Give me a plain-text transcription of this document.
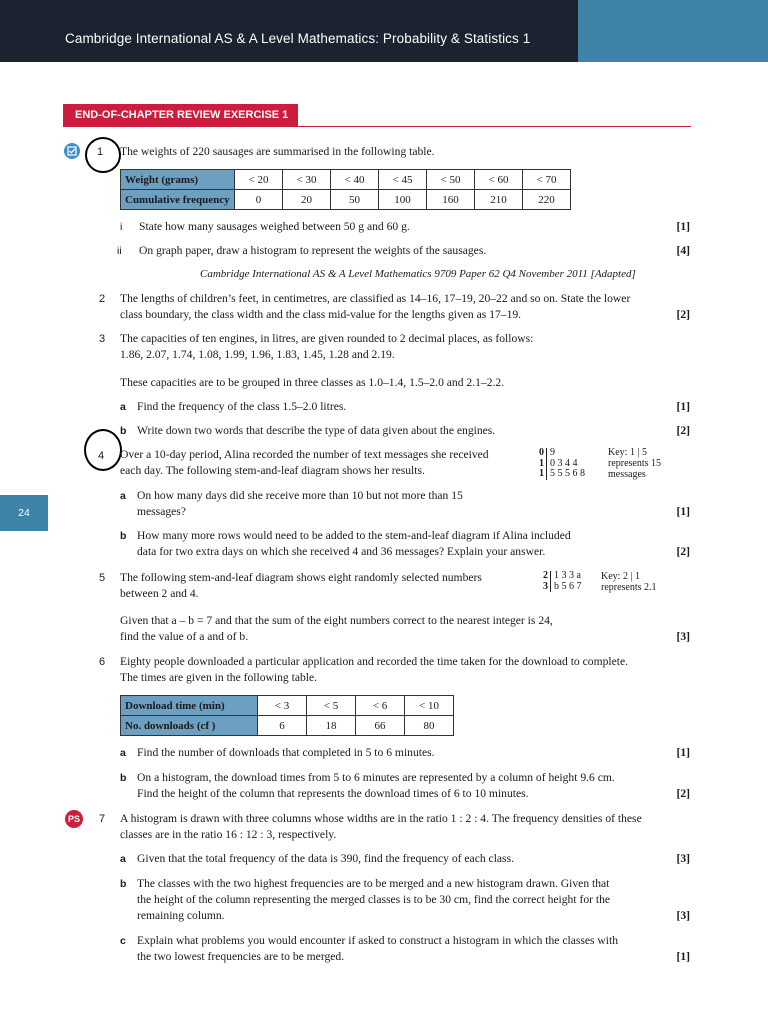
Cambridge International AS & A Level Mathematics: Probability & Statistics 1
END-OF-CHAPTER REVIEW EXERCISE 1
24
1 The weights of 220 sausages are summarised in the following table.
Weight (grams)	< 20	< 30	< 40	< 45	< 50	< 60	< 70
Cumulative frequency	0	20	50	100	160	210	220
i State how many sausages weighed between 50 g and 60 g.	[1]
ii On graph paper, draw a histogram to represent the weights of the sausages.	[4]
Cambridge International AS & A Level Mathematics 9709 Paper 62 Q4 November 2011 [Adapted]
2 The lengths of children’s feet, in centimetres, are classified as 14–16, 17–19, 20–22 and so on. State the lower
class boundary, the class width and the class mid-value for the lengths given as 17–19.	[2]
3 The capacities of ten engines, in litres, are given rounded to 2 decimal places, as follows:
1.86, 2.07, 1.74, 1.08, 1.99, 1.96, 1.83, 1.45, 1.28 and 2.19.
These capacities are to be grouped in three classes as 1.0–1.4, 1.5–2.0 and 2.1–2.2.
a Find the frequency of the class 1.5–2.0 litres.	[1]
b Write down two words that describe the type of data given about the engines.	[2]
4 Over a 10-day period, Alina recorded the number of text messages she received
each day. The following stem-and-leaf diagram shows her results.
0 9
1 0 3 4 4
1 5 5 5 6 8
Key: 1 | 5
represents 15
messages
a On how many days did she receive more than 10 but not more than 15
messages?	[1]
b How many more rows would need to be added to the stem-and-leaf diagram if Alina included
data for two extra days on which she received 4 and 36 messages? Explain your answer.	[2]
5 The following stem-and-leaf diagram shows eight randomly selected numbers
between 2 and 4.
2 1 3 3 a
3 b 5 6 7
Key: 2 | 1
represents 2.1
Given that a – b = 7 and that the sum of the eight numbers correct to the nearest integer is 24,
find the value of a and of b.	[3]
6 Eighty people downloaded a particular application and recorded the time taken for the download to complete.
The times are given in the following table.
Download time (min)	< 3	< 5	< 6	< 10
No. downloads (cf )	6	18	66	80
a Find the number of downloads that completed in 5 to 6 minutes.	[1]
b On a histogram, the download times from 5 to 6 minutes are represented by a column of height 9.6 cm.
Find the height of the column that represents the download times of 6 to 10 minutes.	[2]
PS 7 A histogram is drawn with three columns whose widths are in the ratio 1 : 2 : 4. The frequency densities of these
classes are in the ratio 16 : 12 : 3, respectively.
a Given that the total frequency of the data is 390, find the frequency of each class.	[3]
b The classes with the two highest frequencies are to be merged and a new histogram drawn. Given that
the height of the column representing the merged classes is to be 30 cm, find the correct height for the
remaining column.	[3]
c Explain what problems you would encounter if asked to construct a histogram in which the classes with
the two lowest frequencies are to be merged.	[1]
